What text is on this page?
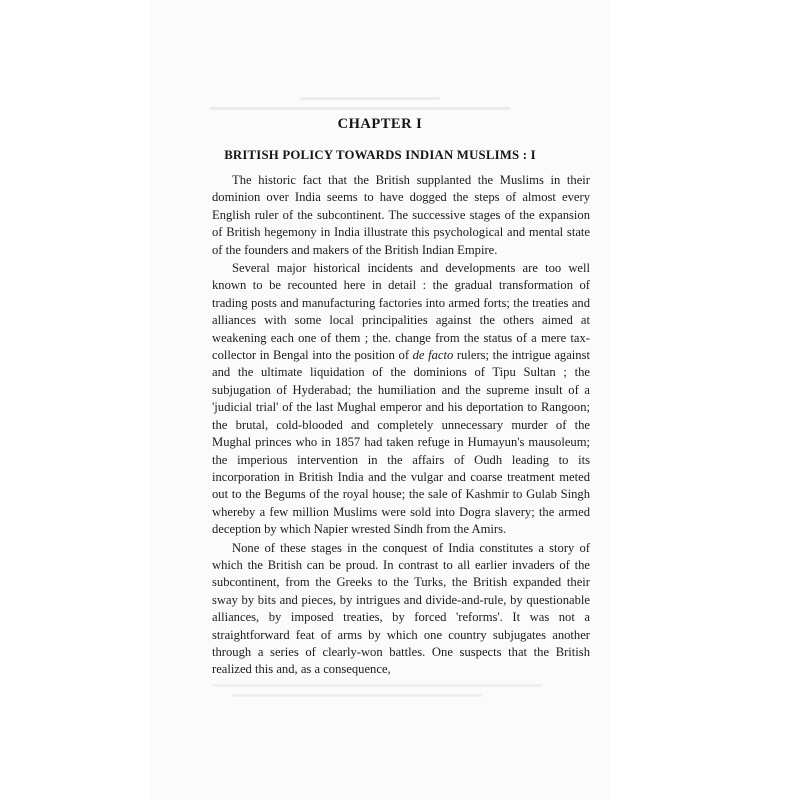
CHAPTER I
BRITISH POLICY TOWARDS INDIAN MUSLIMS : I

The historic fact that the British supplanted the Muslims in their dominion over India seems to have dogged the steps of almost every English ruler of the subcontinent. The successive stages of the expansion of British hegemony in India illustrate this psychological and mental state of the founders and makers of the British Indian Empire.

Several major historical incidents and developments are too well known to be recounted here in detail : the gradual transformation of trading posts and manufacturing factories into armed forts; the treaties and alliances with some local principalities against the others aimed at weakening each one of them ; the. change from the status of a mere tax-collector in Bengal into the position of de facto rulers; the intrigue against and the ultimate liquidation of the dominions of Tipu Sultan ; the subjugation of Hyderabad; the humiliation and the supreme insult of a 'judicial trial' of the last Mughal emperor and his deportation to Rangoon; the brutal, cold-blooded and completely unnecessary murder of the Mughal princes who in 1857 had taken refuge in Humayun's mausoleum; the imperious intervention in the affairs of Oudh leading to its incorporation in British India and the vulgar and coarse treatment meted out to the Begums of the royal house; the sale of Kashmir to Gulab Singh whereby a few million Muslims were sold into Dogra slavery; the armed deception by which Napier wrested Sindh from the Amirs.

None of these stages in the conquest of India constitutes a story of which the British can be proud. In contrast to all earlier invaders of the subcontinent, from the Greeks to the Turks, the British expanded their sway by bits and pieces, by intrigues and divide-and-rule, by questionable alliances, by imposed treaties, by forced 'reforms'. It was not a straightforward feat of arms by which one country subjugates another through a series of clearly-won battles. One suspects that the British realized this and, as a consequence,
